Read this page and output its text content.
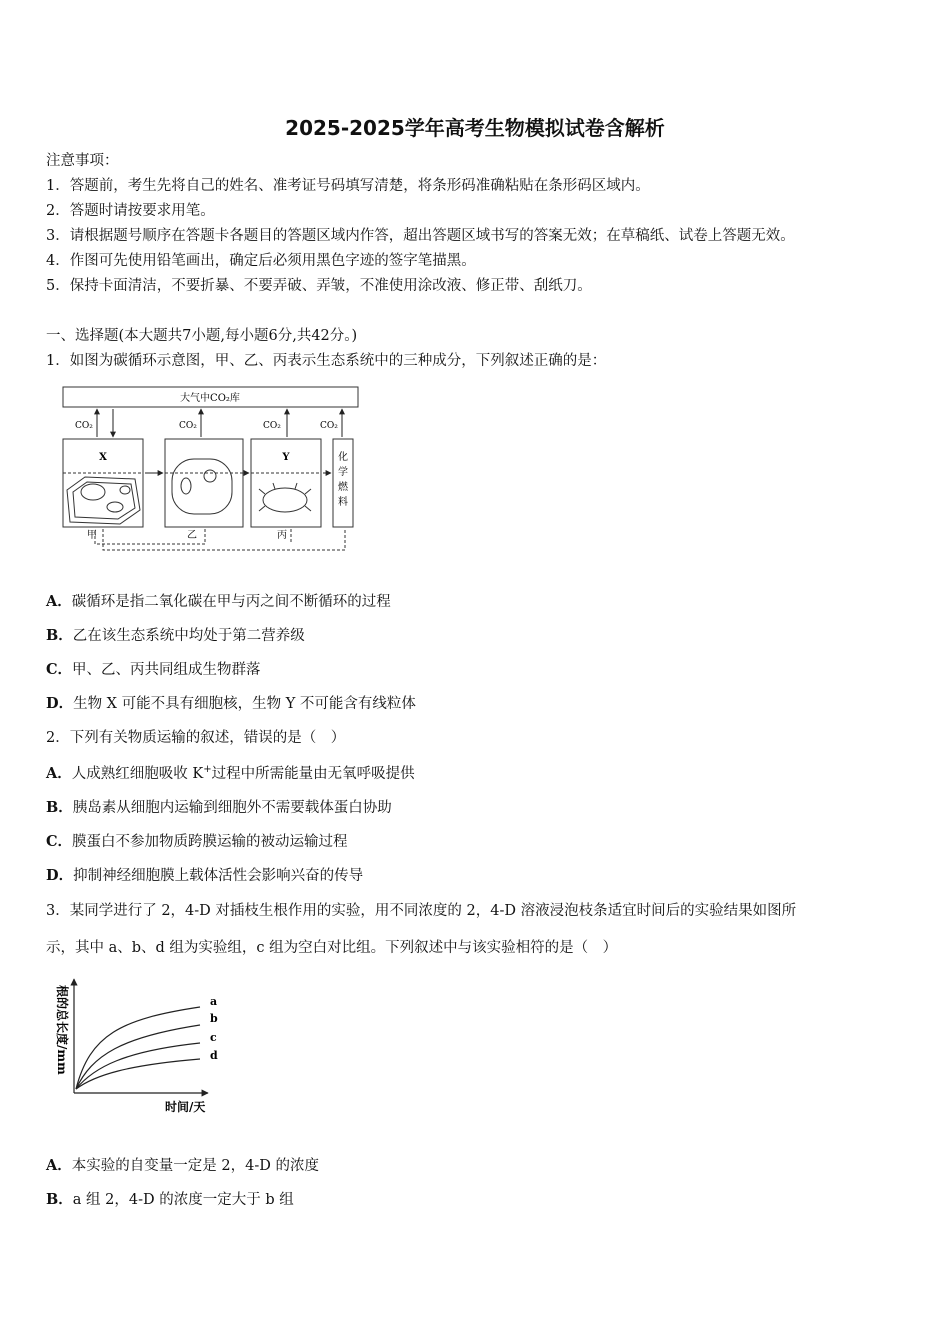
2025-2025学年高考生物模拟试卷含解析
注意事项：
1．答题前，考生先将自己的姓名、准考证号码填写清楚，将条形码准确粘贴在条形码区域内。
2．答题时请按要求用笔。
3．请根据题号顺序在答题卡各题目的答题区域内作答，超出答题区域书写的答案无效；在草稿纸、试卷上答题无效。
4．作图可先使用铅笔画出，确定后必须用黑色字迹的签字笔描黑。
5．保持卡面清洁，不要折暴、不要弄破、弄皱，不准使用涂改液、修正带、刮纸刀。
一、选择题(本大题共7小题,每小题6分,共42分。)
1．如图为碳循环示意图，甲、乙、丙表示生态系统中的三种成分，下列叙述正确的是：
大气中CO₂库
CO₂	CO₂	CO₂	CO₂
X	Y	化
学
燃
料
甲	乙	丙
A．碳循环是指二氧化碳在甲与丙之间不断循环的过程
B．乙在该生态系统中均处于第二营养级
C．甲、乙、丙共同组成生物群落
D．生物 X 可能不具有细胞核，生物 Y 不可能含有线粒体
2．下列有关物质运输的叙述，错误的是（　）
A．人成熟红细胞吸收 K+过程中所需能量由无氧呼吸提供
B．胰岛素从细胞内运输到细胞外不需要载体蛋白协助
C．膜蛋白不参加物质跨膜运输的被动运输过程
D．抑制神经细胞膜上载体活性会影响兴奋的传导
3．某同学进行了 2，4-D 对插枝生根作用的实验，用不同浓度的 2，4-D 溶液浸泡枝条适宜时间后的实验结果如图所
示，其中 a、b、d 组为实验组，c 组为空白对比组。下列叙述中与该实验相符的是（　）
根的总长度/mm
时间/天
a
b
c
d
A．本实验的自变量一定是 2，4-D 的浓度
B．a 组 2，4-D 的浓度一定大于 b 组
